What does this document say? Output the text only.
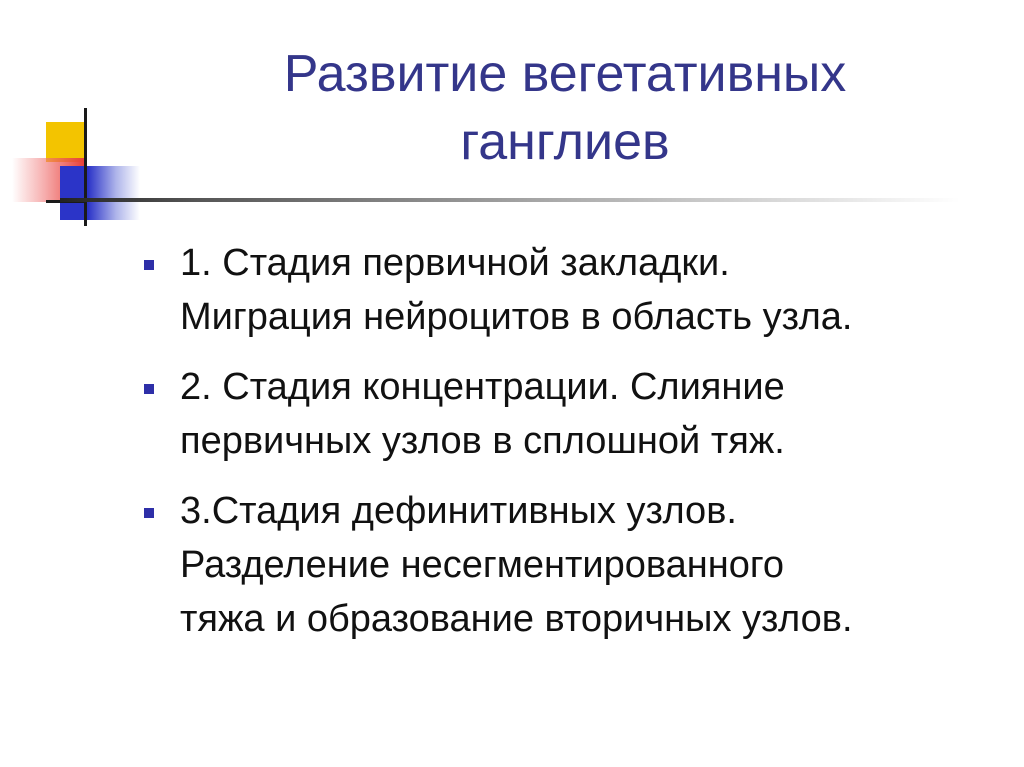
Развитие вегетативных
ганглиев
1. Стадия первичной закладки.
Миграция нейроцитов в область узла.
2. Стадия концентрации. Слияние
первичных узлов в сплошной тяж.
3.Стадия дефинитивных узлов.
Разделение несегментированного
тяжа и образование вторичных узлов.
